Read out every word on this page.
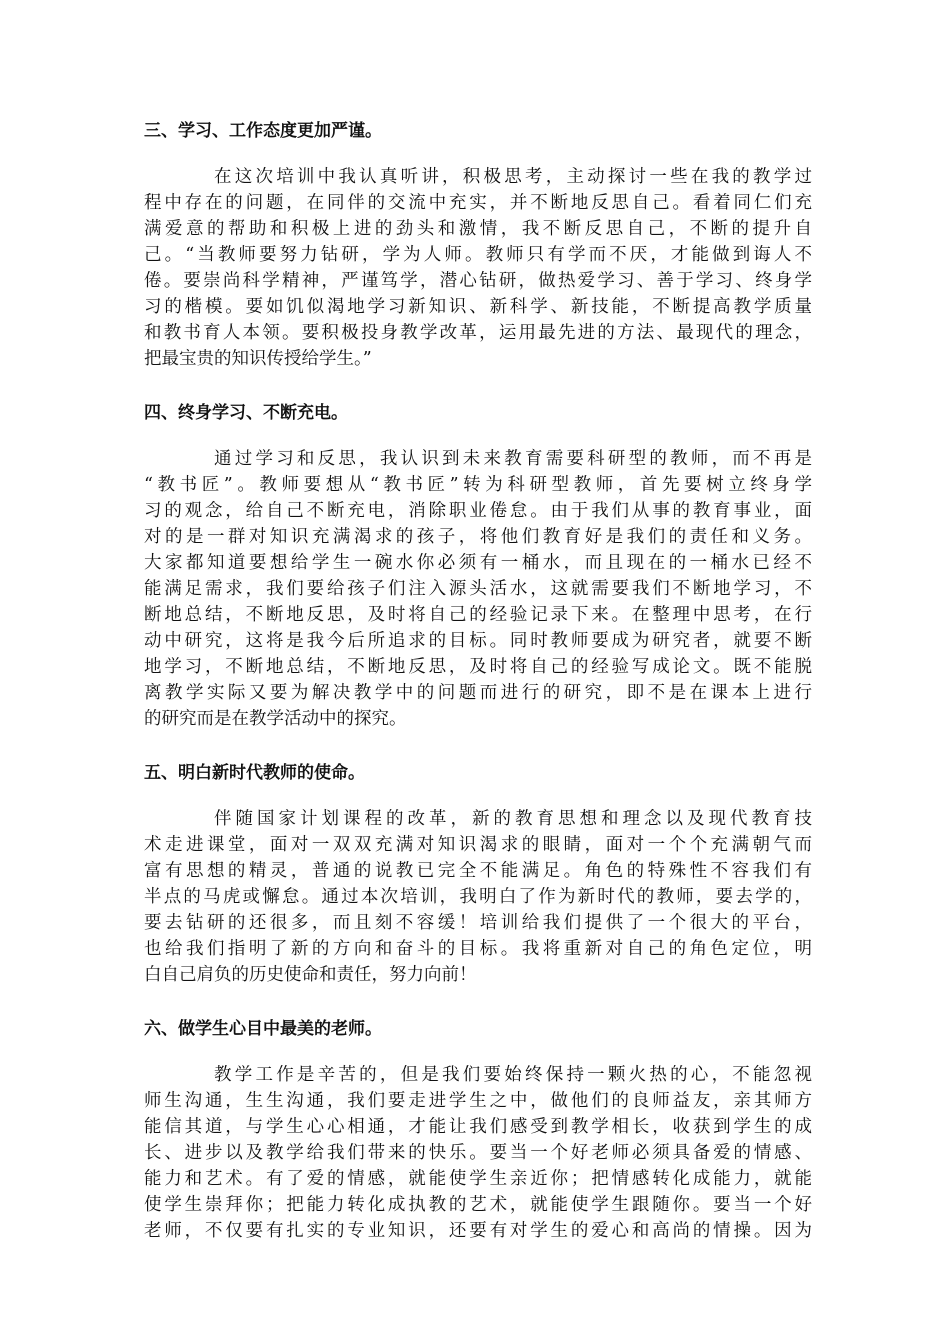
三、学习、工作态度更加严谨。
在这次培训中我认真听讲，积极思考，主动探讨一些在我的教学过
程中存在的问题，在同伴的交流中充实，并不断地反思自己。看着同仁们充
满爱意的帮助和积极上进的劲头和激情，我不断反思自己，不断的提升自
己。“当教师要努力钻研，学为人师。教师只有学而不厌，才能做到诲人不
倦。要崇尚科学精神，严谨笃学，潜心钻研，做热爱学习、善于学习、终身学
习的楷模。要如饥似渴地学习新知识、新科学、新技能，不断提高教学质量
和教书育人本领。要积极投身教学改革，运用最先进的方法、最现代的理念，
把最宝贵的知识传授给学生。”
四、终身学习、不断充电。
通过学习和反思，我认识到未来教育需要科研型的教师，而不再是
“教书匠”。教师要想从“教书匠”转为科研型教师，首先要树立终身学
习的观念，给自己不断充电，消除职业倦怠。由于我们从事的教育事业，面
对的是一群对知识充满渴求的孩子，将他们教育好是我们的责任和义务。
大家都知道要想给学生一碗水你必须有一桶水，而且现在的一桶水已经不
能满足需求，我们要给孩子们注入源头活水，这就需要我们不断地学习，不
断地总结，不断地反思，及时将自己的经验记录下来。在整理中思考，在行
动中研究，这将是我今后所追求的目标。同时教师要成为研究者，就要不断
地学习，不断地总结，不断地反思，及时将自己的经验写成论文。既不能脱
离教学实际又要为解决教学中的问题而进行的研究，即不是在课本上进行
的研究而是在教学活动中的探究。
五、明白新时代教师的使命。
伴随国家计划课程的改革，新的教育思想和理念以及现代教育技
术走进课堂，面对一双双充满对知识渴求的眼睛，面对一个个充满朝气而
富有思想的精灵，普通的说教已完全不能满足。角色的特殊性不容我们有
半点的马虎或懈怠。通过本次培训，我明白了作为新时代的教师，要去学的，
要去钻研的还很多，而且刻不容缓！培训给我们提供了一个很大的平台，
也给我们指明了新的方向和奋斗的目标。我将重新对自己的角色定位，明
白自己肩负的历史使命和责任，努力向前！
六、做学生心目中最美的老师。
教学工作是辛苦的，但是我们要始终保持一颗火热的心，不能忽视
师生沟通，生生沟通，我们要走进学生之中，做他们的良师益友，亲其师方
能信其道，与学生心心相通，才能让我们感受到教学相长，收获到学生的成
长、进步以及教学给我们带来的快乐。要当一个好老师必须具备爱的情感、
能力和艺术。有了爱的情感，就能使学生亲近你；把情感转化成能力，就能
使学生崇拜你；把能力转化成执教的艺术，就能使学生跟随你。要当一个好
老师，不仅要有扎实的专业知识，还要有对学生的爱心和高尚的情操。因为
